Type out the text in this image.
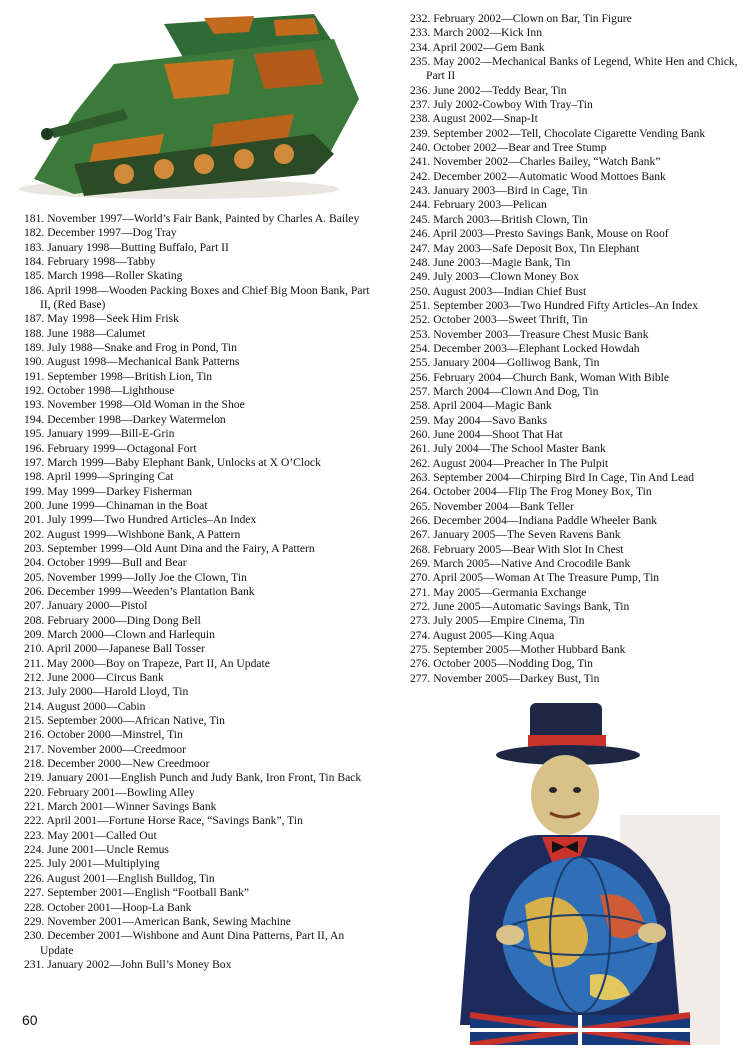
181. November 1997—World’s Fair Bank, Painted by Charles A. Bailey
182. December 1997—Dog Tray
183. January 1998—Butting Buffalo, Part II
184. February 1998—Tabby
185. March 1998—Roller Skating
186. April 1998—Wooden Packing Boxes and Chief Big Moon Bank, Part II, (Red Base)
187. May 1998—Seek Him Frisk
188. June 1988—Calumet
189. July 1988—Snake and Frog in Pond, Tin
190. August 1998—Mechanical Bank Patterns
191. September 1998—British Lion, Tin
192. October 1998—Lighthouse
193. November 1998—Old Woman in the Shoe
194. December 1998—Darkey Watermelon
195. January 1999—Bill-E-Grin
196. February 1999—Octagonal Fort
197. March 1999—Baby Elephant Bank, Unlocks at X O’Clock
198. April 1999—Springing Cat
199. May 1999—Darkey Fisherman
200. June 1999—Chinaman in the Boat
201. July 1999—Two Hundred Articles–An Index
202. August 1999—Wishbone Bank, A Pattern
203. September 1999—Old Aunt Dina and the Fairy, A Pattern
204. October 1999—Bull and Bear
205. November 1999—Jolly Joe the Clown, Tin
206. December 1999—Weeden’s Plantation Bank
207. January 2000—Pistol
208. February 2000—Ding Dong Bell
209. March 2000—Clown and Harlequin
210. April 2000—Japanese Ball Tosser
211. May 2000—Boy on Trapeze, Part II, An Update
212. June 2000—Circus Bank
213. July 2000—Harold Lloyd, Tin
214. August 2000—Cabin
215. September 2000—African Native, Tin
216. October 2000—Minstrel, Tin
217. November 2000—Creedmoor
218. December 2000—New Creedmoor
219. January 2001—English Punch and Judy Bank, Iron Front, Tin Back
220. February 2001—Bowling Alley
221. March 2001—Winner Savings Bank
222. April 2001—Fortune Horse Race, “Savings Bank”, Tin
223. May 2001—Called Out
224. June 2001—Uncle Remus
225. July 2001—Multiplying
226. August 2001—English Bulldog, Tin
227. September 2001—English “Football Bank”
228. October 2001—Hoop-La Bank
229. November 2001—American Bank, Sewing Machine
230. December 2001—Wishbone and Aunt Dina Patterns, Part II, An Update
231. January 2002—John Bull’s Money Box
232. February 2002—Clown on Bar, Tin Figure
233. March 2002—Kick Inn
234. April 2002—Gem Bank
235. May 2002—Mechanical Banks of Legend, White Hen and Chick, Part II
236. June 2002—Teddy Bear, Tin
237. July 2002-Cowboy With Tray–Tin
238. August 2002—Snap-It
239. September 2002—Tell, Chocolate Cigarette Vending Bank
240. October 2002—Bear and Tree Stump
241. November 2002—Charles Bailey, “Watch Bank”
242. December 2002—Automatic Wood Mottoes Bank
243. January 2003—Bird in Cage, Tin
244. February 2003—Pelican
245. March 2003—British Clown, Tin
246. April 2003—Presto Savings Bank, Mouse on Roof
247. May 2003—Safe Deposit Box, Tin Elephant
248. June 2003—Magie Bank, Tin
249. July 2003—Clown Money Box
250. August 2003—Indian Chief Bust
251. September 2003—Two Hundred Fifty Articles–An Index
252. October 2003—Sweet Thrift, Tin
253. November 2003—Treasure Chest Music Bank
254. December 2003—Elephant Locked Howdah
255. January 2004—Golliwog Bank, Tin
256. February 2004—Church Bank, Woman With Bible
257. March 2004—Clown And Dog, Tin
258. April 2004—Magic Bank
259. May 2004—Savo Banks
260. June 2004—Shoot That Hat
261. July 2004—The School Master Bank
262. August 2004—Preacher In The Pulpit
263. September 2004—Chirping Bird In Cage, Tin And Lead
264. October 2004—Flip The Frog Money Box, Tin
265. November 2004—Bank Teller
266. December 2004—Indiana Paddle Wheeler Bank
267. January 2005—The Seven Ravens Bank
268. February 2005—Bear With Slot In Chest
269. March 2005—Native And Crocodile Bank
270. April 2005—Woman At The Treasure Pump, Tin
271. May 2005—Germania Exchange
272. June 2005—Automatic Savings Bank, Tin
273. July 2005—Empire Cinema, Tin
274. August 2005—King Aqua
275. September 2005—Mother Hubbard Bank
276. October 2005—Nodding Dog, Tin
277. November 2005—Darkey Bust, Tin
60
